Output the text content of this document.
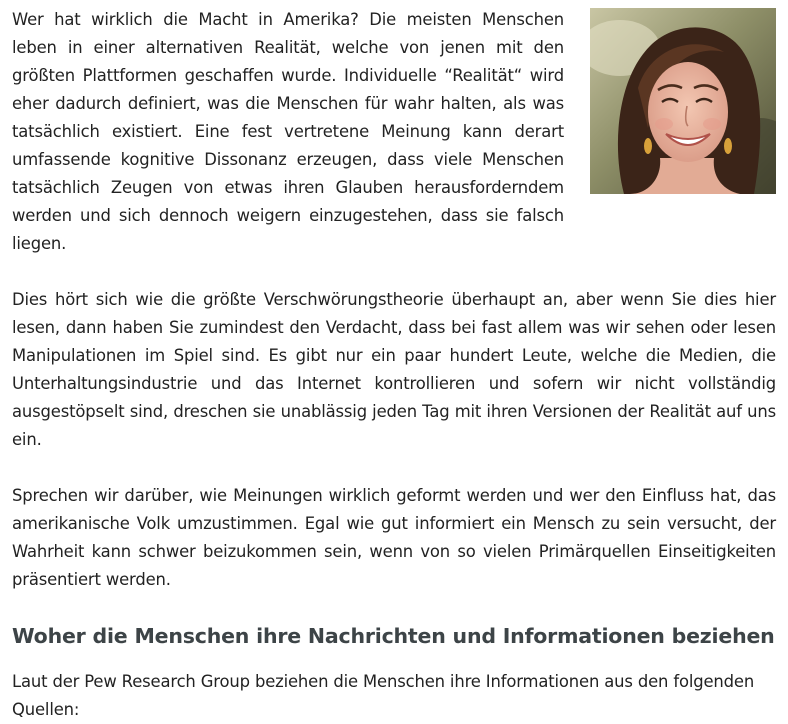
Wer hat wirklich die Macht in Amerika? Die meisten Menschen leben in einer alternativen Realität, welche von jenen mit den größten Plattformen geschaffen wurde. Individuelle “Realität“ wird eher dadurch definiert, was die Menschen für wahr halten, als was tatsächlich existiert. Eine fest vertretene Meinung kann derart umfassende kognitive Dissonanz erzeugen, dass viele Menschen tatsächlich Zeugen von etwas ihren Glauben herausforderndem werden und sich dennoch weigern einzugestehen, dass sie falsch liegen.

Dies hört sich wie die größte Verschwörungstheorie überhaupt an, aber wenn Sie dies hier lesen, dann haben Sie zumindest den Verdacht, dass bei fast allem was wir sehen oder lesen Manipulationen im Spiel sind. Es gibt nur ein paar hundert Leute, welche die Medien, die Unterhaltungsindustrie und das Internet kontrollieren und sofern wir nicht vollständig ausgestöpselt sind, dreschen sie unablässig jeden Tag mit ihren Versionen der Realität auf uns ein.

Sprechen wir darüber, wie Meinungen wirklich geformt werden und wer den Einfluss hat, das amerikanische Volk umzustimmen. Egal wie gut informiert ein Mensch zu sein versucht, der Wahrheit kann schwer beizukommen sein, wenn von so vielen Primärquellen Einseitigkeiten präsentiert werden.

Woher die Menschen ihre Nachrichten und Informationen beziehen

Laut der Pew Research Group beziehen die Menschen ihre Informationen aus den folgenden Quellen:
